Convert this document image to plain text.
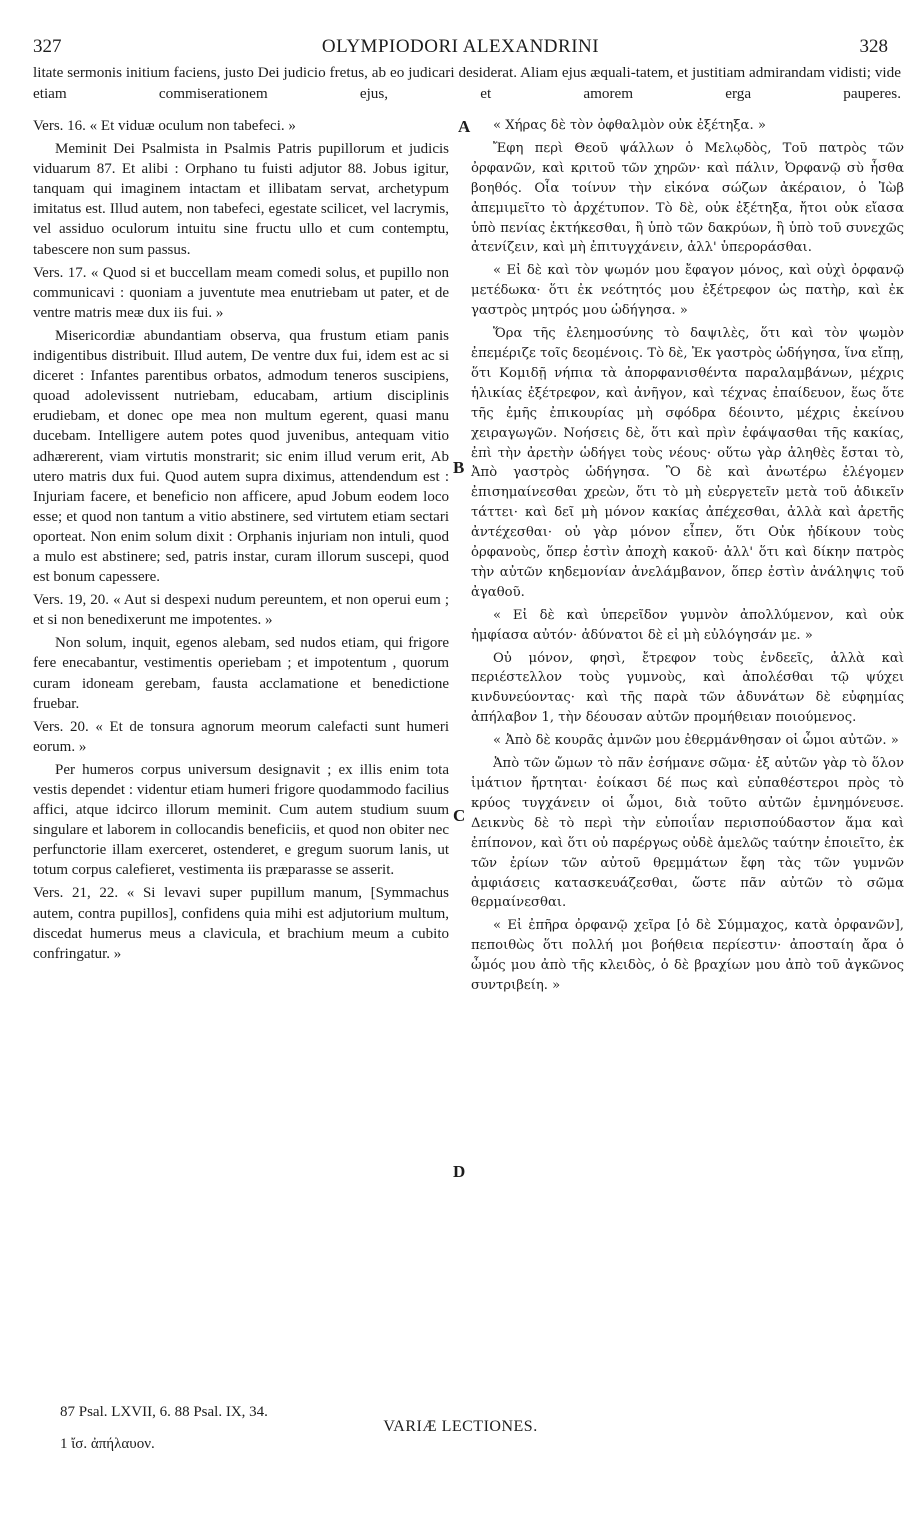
327	OLYMPIODORI ALEXANDRINI	328

litate sermonis initium faciens, justo Dei judicio fretus, ab eo judicari desiderat. Aliam ejus æquali-tatem, et justitiam admirandam vidisti; vide etiam commiserationem ejus, et amorem erga pauperes.

Vers. 16. « Et viduæ oculum non tabefeci. »

Meminit Dei Psalmista in Psalmis Patris pupillorum et judicis viduarum 87. Et alibi : Orphano tu fuisti adjutor 88. Jobus igitur, tanquam qui imaginem intactam et illibatam servat, archetypum imitatus est. Illud autem, non tabefeci, egestate scilicet, vel lacrymis, vel assiduo oculorum intuitu sine fructu ullo et cum contemptu, tabescere non sum passus.

Vers. 17. « Quod si et buccellam meam comedi solus, et pupillo non communicavi : quoniam a juventute mea enutriebam ut pater, et de ventre matris meæ dux iis fui. »

Misericordiæ abundantiam observa, qua frustum etiam panis indigentibus distribuit. Illud autem, De ventre dux fui, idem est ac si diceret : Infantes parentibus orbatos, admodum teneros suscipiens, quoad adolevissent nutriebam, educabam, artium disciplinis erudiebam, et donec ope mea non multum egerent, quasi manu ducebam. Intelligere autem potes quod juvenibus, antequam vitio adhærerent, viam virtutis monstrarit; sic enim illud verum erit, Ab utero matris dux fui. Quod autem supra diximus, attendendum est : Injuriam facere, et beneficio non afficere, apud Jobum eodem loco esse; et quod non tantum a vitio abstinere, sed virtutem etiam sectari oporteat. Non enim solum dixit : Orphanis injuriam non intuli, quod a mulo est abstinere; sed, patris instar, curam illorum suscepi, quod est bonum capessere.

Vers. 19, 20. « Aut si despexi nudum pereuntem, et non operui eum ; et si non benedixerunt me impotentes. »

Non solum, inquit, egenos alebam, sed nudos etiam, qui frigore fere enecabantur, vestimentis operiebam ; et impotentum , quorum curam idoneam gerebam, fausta acclamatione et benedictione fruebar.

Vers. 20. « Et de tonsura agnorum meorum calefacti sunt humeri eorum. »

Per humeros corpus universum designavit ; ex illis enim tota vestis dependet : videntur etiam humeri frigore quodammodo facilius affici, atque idcirco illorum meminit. Cum autem studium suum singulare et laborem in collocandis beneficiis, et quod non obiter nec perfunctorie illam exerceret, ostenderet, e gregum suorum lanis, ut totum corpus calefieret, vestimenta iis præparasse se asserit.

Vers. 21, 22. « Si levavi super pupillum manum, [Symmachus autem, contra pupillos], confidens quia mihi est adjutorium multum, discedat humerus meus a clavicula, et brachium meum a cubito confringatur. »

« Χήρας δὲ τὸν ὀφθαλμὸν οὐκ ἐξέτηξα. »

Ἔφη περὶ Θεοῦ ψάλλων ὁ Μελῳδὸς, Τοῦ πατρὸς τῶν ὀρφανῶν, καὶ κριτοῦ τῶν χηρῶν· καὶ πάλιν, Ὀρφανῷ σὺ ἦσθα βοηθός. Οἷα τοίνυν τὴν εἰκόνα σώζων ἀκέραιον, ὁ Ἰὼβ ἀπεμιμεῖτο τὸ ἀρχέτυπον. Τὸ δὲ, οὐκ ἐξέτηξα, ἤτοι οὐκ εἴασα ὑπὸ πενίας ἐκτήκεσθαι, ἢ ὑπὸ τῶν δακρύων, ἢ ὑπὸ τοῦ συνεχῶς ἀτενίζειν, καὶ μὴ ἐπιτυγχάνειν, ἀλλ' ὑπεροράσθαι.

« Εἰ δὲ καὶ τὸν ψωμόν μου ἔφαγον μόνος, καὶ οὐχὶ ὀρφανῷ μετέδωκα· ὅτι ἐκ νεότητός μου ἐξέτρεφον ὡς πατὴρ, καὶ ἐκ γαστρὸς μητρός μου ὡδήγησα. »

Ὅρα τῆς ἐλεημοσύνης τὸ δαψιλὲς, ὅτι καὶ τὸν ψωμὸν ἐπεμέριζε τοῖς δεομένοις. Τὸ δὲ, Ἐκ γαστρὸς ὡδήγησα, ἵνα εἴπῃ, ὅτι Κομιδῇ νήπια τὰ ἀπορφανισθέντα παραλαμβάνων, μέχρις ἡλικίας ἐξέτρεφον, καὶ ἀνῆγον, καὶ τέχνας ἐπαίδευον, ἕως ὅτε τῆς ἐμῆς ἐπικουρίας μὴ σφόδρα δέοιντο, μέχρις ἐκείνου χειραγωγῶν. Νοήσεις δὲ, ὅτι καὶ πρὶν ἐφάψασθαι τῆς κακίας, ἐπὶ τὴν ἀρετὴν ὡδήγει τοὺς νέους· οὕτω γὰρ ἀληθὲς ἔσται τὸ, Ἀπὸ γαστρὸς ὡδήγησα. Ὃ δὲ καὶ ἀνωτέρω ἐλέγομεν ἐπισημαίνεσθαι χρεὼν, ὅτι τὸ μὴ εὐεργετεῖν μετὰ τοῦ ἀδικεῖν τάττει· καὶ δεῖ μὴ μόνον κακίας ἀπέχεσθαι, ἀλλὰ καὶ ἀρετῆς ἀντέχεσθαι· οὐ γὰρ μόνον εἶπεν, ὅτι Οὐκ ἠδίκουν τοὺς ὀρφανοὺς, ὅπερ ἐστὶν ἀποχὴ κακοῦ· ἀλλ' ὅτι καὶ δίκην πατρὸς τὴν αὐτῶν κηδεμονίαν ἀνελάμβανον, ὅπερ ἐστὶν ἀνάληψις τοῦ ἀγαθοῦ.

« Εἰ δὲ καὶ ὑπερεῖδον γυμνὸν ἀπολλύμενον, καὶ οὐκ ἠμφίασα αὐτόν· ἀδύνατοι δὲ εἰ μὴ εὐλόγησάν με. »

Οὐ μόνον, φησὶ, ἔτρεφον τοὺς ἐνδεεῖς, ἀλλὰ καὶ περιέστελλον τοὺς γυμνοὺς, καὶ ἀπολέσθαι τῷ ψύχει κινδυνεύοντας· καὶ τῆς παρὰ τῶν ἀδυνάτων δὲ εὐφημίας ἀπήλαβον 1, τὴν δέουσαν αὐτῶν προμήθειαν ποιούμενος.

« Ἀπὸ δὲ κουρᾶς ἀμνῶν μου ἐθερμάνθησαν οἱ ὦμοι αὐτῶν. »

Ἀπὸ τῶν ὤμων τὸ πᾶν ἐσήμανε σῶμα· ἐξ αὐτῶν γὰρ τὸ ὅλον ἱμάτιον ἤρτηται· ἐοίκασι δέ πως καὶ εὐπαθέστεροι πρὸς τὸ κρύος τυγχάνειν οἱ ὦμοι, διὰ τοῦτο αὐτῶν ἐμνημόνευσε. Δεικνὺς δὲ τὸ περὶ τὴν εὐποιΐαν περισπούδαστον ἅμα καὶ ἐπίπονον, καὶ ὅτι οὐ παρέργως οὐδὲ ἀμελῶς ταύτην ἐποιεῖτο, ἐκ τῶν ἐρίων τῶν αὐτοῦ θρεμμάτων ἔφη τὰς τῶν γυμνῶν ἀμφιάσεις κατασκευάζεσθαι, ὥστε πᾶν αὐτῶν τὸ σῶμα θερμαίνεσθαι.

« Εἰ ἐπῆρα ὀρφανῷ χεῖρα [ὁ δὲ Σύμμαχος, κατὰ ὀρφανῶν], πεποιθὼς ὅτι πολλή μοι βοήθεια περίεστιν· ἀποσταίη ἄρα ὁ ὦμός μου ἀπὸ τῆς κλειδὸς, ὁ δὲ βραχίων μου ἀπὸ τοῦ ἀγκῶνος συντριβείη. »

A
B
C
D
87 Psal. LXVII, 6. 88 Psal. IX, 34.
1 ἴσ. ἀπήλαυον.
VARIÆ LECTIONES.
